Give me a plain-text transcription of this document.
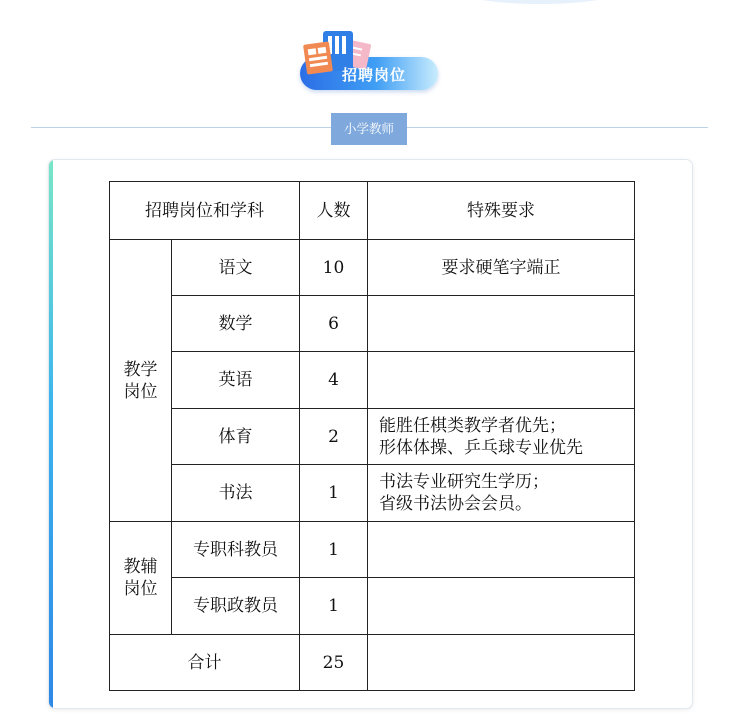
招聘岗位
小学教师
招聘岗位和学科		人数	特殊要求

教学
岗位	语文	10	要求硬笔字端正

	数学	6	
	英语	4	
	体育	2	能胜任棋类教学者优先；
形体体操、乒乓球专业优先

	书法	1	书法专业研究生学历；
省级书法协会会员。

教辅
岗位	专职科教员	1	
	专职政教员	1	
合计		25	
